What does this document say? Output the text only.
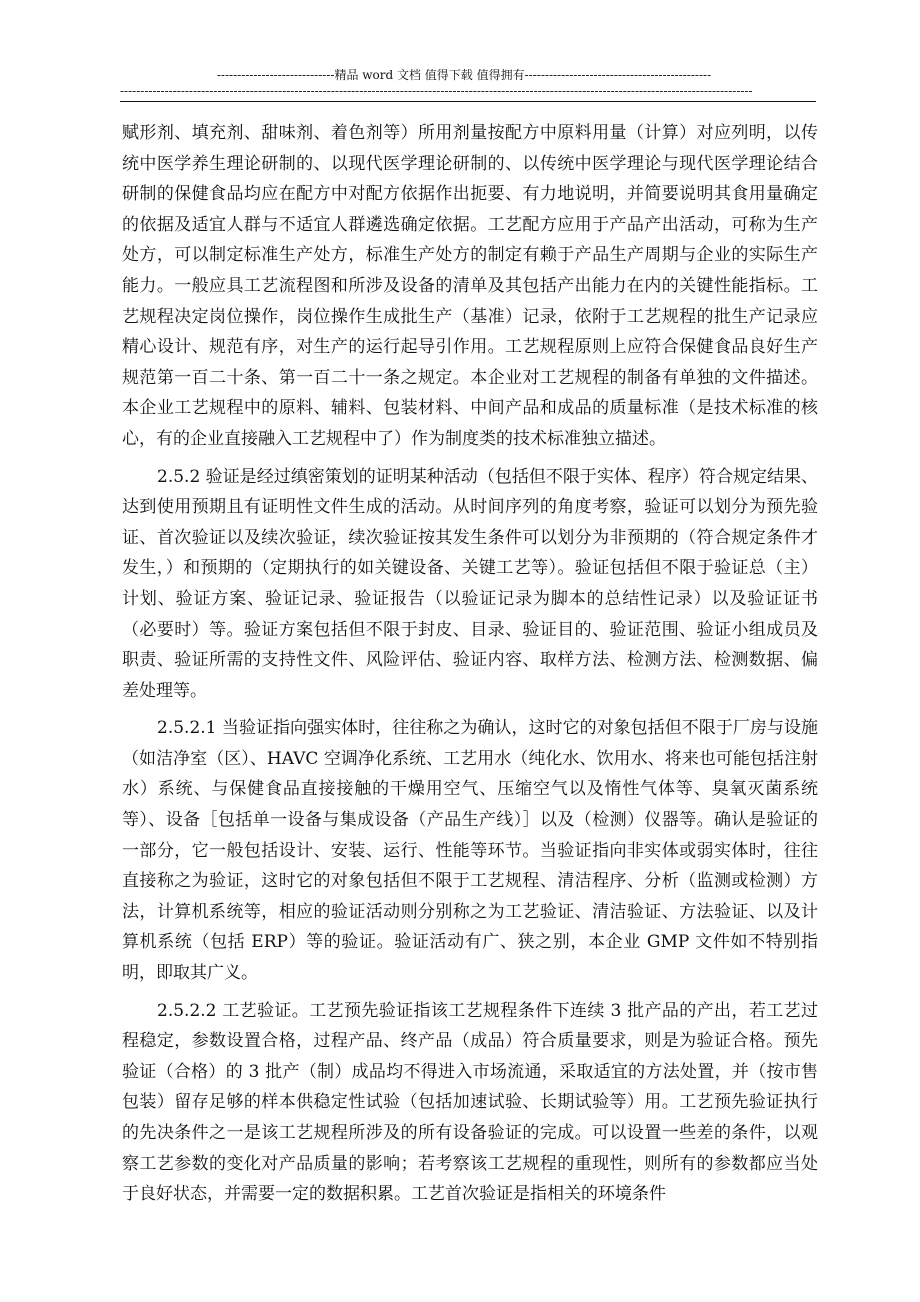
-----------------------------精品 word 文档 值得下载 值得拥有----------------------------------------------
------------------------------------------------------------------------------------------------------------------------------------------------------------

赋形剂、填充剂、甜味剂、着色剂等）所用剂量按配方中原料用量（计算）对应列明，以传统中医学养生理论研制的、以现代医学理论研制的、以传统中医学理论与现代医学理论结合研制的保健食品均应在配方中对配方依据作出扼要、有力地说明，并简要说明其食用量确定的依据及适宜人群与不适宜人群遴选确定依据。工艺配方应用于产品产出活动，可称为生产处方，可以制定标准生产处方，标准生产处方的制定有赖于产品生产周期与企业的实际生产能力。一般应具工艺流程图和所涉及设备的清单及其包括产出能力在内的关键性能指标。工艺规程决定岗位操作，岗位操作生成批生产（基准）记录，依附于工艺规程的批生产记录应精心设计、规范有序，对生产的运行起导引作用。工艺规程原则上应符合保健食品良好生产规范第一百二十条、第一百二十一条之规定。本企业对工艺规程的制备有单独的文件描述。本企业工艺规程中的原料、辅料、包装材料、中间产品和成品的质量标准（是技术标准的核心，有的企业直接融入工艺规程中了）作为制度类的技术标准独立描述。

2.5.2 验证是经过缜密策划的证明某种活动（包括但不限于实体、程序）符合规定结果、达到使用预期且有证明性文件生成的活动。从时间序列的角度考察，验证可以划分为预先验证、首次验证以及续次验证，续次验证按其发生条件可以划分为非预期的（符合规定条件才发生，）和预期的（定期执行的如关键设备、关键工艺等）。验证包括但不限于验证总（主）计划、验证方案、验证记录、验证报告（以验证记录为脚本的总结性记录）以及验证证书（必要时）等。验证方案包括但不限于封皮、目录、验证目的、验证范围、验证小组成员及职责、验证所需的支持性文件、风险评估、验证内容、取样方法、检测方法、检测数据、偏差处理等。

2.5.2.1 当验证指向强实体时，往往称之为确认，这时它的对象包括但不限于厂房与设施（如洁净室（区）、HAVC 空调净化系统、工艺用水（纯化水、饮用水、将来也可能包括注射水）系统、与保健食品直接接触的干燥用空气、压缩空气以及惰性气体等、臭氧灭菌系统等）、设备［包括单一设备与集成设备（产品生产线）］以及（检测）仪器等。确认是验证的一部分，它一般包括设计、安装、运行、性能等环节。当验证指向非实体或弱实体时，往往直接称之为验证，这时它的对象包括但不限于工艺规程、清洁程序、分析（监测或检测）方法，计算机系统等，相应的验证活动则分别称之为工艺验证、清洁验证、方法验证、以及计算机系统（包括 ERP）等的验证。验证活动有广、狭之别，本企业 GMP 文件如不特别指明，即取其广义。

2.5.2.2 工艺验证。工艺预先验证指该工艺规程条件下连续 3 批产品的产出，若工艺过程稳定，参数设置合格，过程产品、终产品（成品）符合质量要求，则是为验证合格。预先验证（合格）的 3 批产（制）成品均不得进入市场流通，采取适宜的方法处置，并（按市售包装）留存足够的样本供稳定性试验（包括加速试验、长期试验等）用。工艺预先验证执行的先决条件之一是该工艺规程所涉及的所有设备验证的完成。可以设置一些差的条件，以观察工艺参数的变化对产品质量的影响；若考察该工艺规程的重现性，则所有的参数都应当处于良好状态，并需要一定的数据积累。工艺首次验证是指相关的环境条件
